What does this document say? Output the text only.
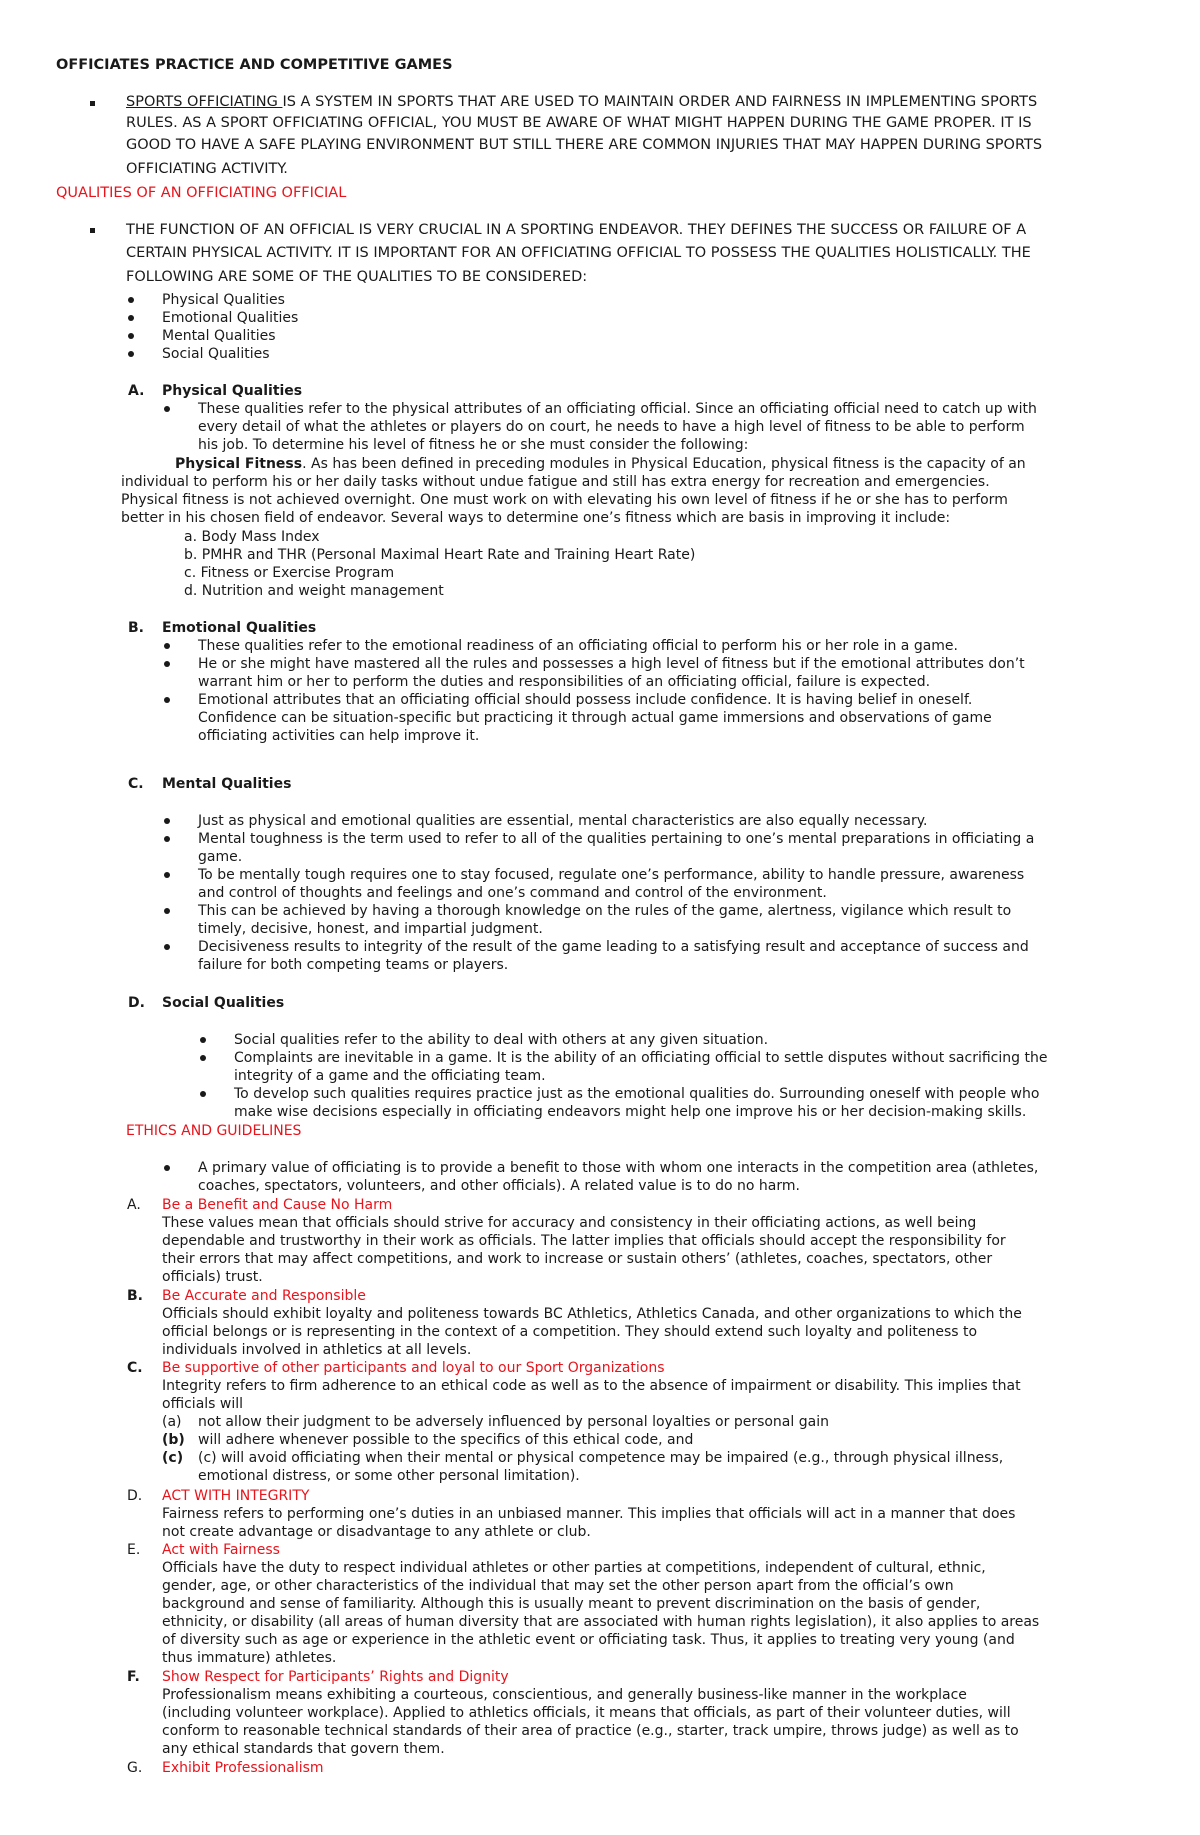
OFFICIATES PRACTICE AND COMPETITIVE GAMES
SPORTS OFFICIATING IS A SYSTEM IN SPORTS THAT ARE USED TO MAINTAIN ORDER AND FAIRNESS IN IMPLEMENTING SPORTS
RULES. AS A SPORT OFFICIATING OFFICIAL, YOU MUST BE AWARE OF WHAT MIGHT HAPPEN DURING THE GAME PROPER. IT IS
GOOD TO HAVE A SAFE PLAYING ENVIRONMENT BUT STILL THERE ARE COMMON INJURIES THAT MAY HAPPEN DURING SPORTS
OFFICIATING ACTIVITY.
QUALITIES OF AN OFFICIATING OFFICIAL
THE FUNCTION OF AN OFFICIAL IS VERY CRUCIAL IN A SPORTING ENDEAVOR. THEY DEFINES THE SUCCESS OR FAILURE OF A
CERTAIN PHYSICAL ACTIVITY. IT IS IMPORTANT FOR AN OFFICIATING OFFICIAL TO POSSESS THE QUALITIES HOLISTICALLY. THE
FOLLOWING ARE SOME OF THE QUALITIES TO BE CONSIDERED:
Physical Qualities
Emotional Qualities
Mental Qualities
Social Qualities
A. Physical Qualities
These qualities refer to the physical attributes of an officiating official. Since an officiating official need to catch up with
every detail of what the athletes or players do on court, he needs to have a high level of fitness to be able to perform
his job. To determine his level of fitness he or she must consider the following:
Physical Fitness. As has been defined in preceding modules in Physical Education, physical fitness is the capacity of an
individual to perform his or her daily tasks without undue fatigue and still has extra energy for recreation and emergencies.
Physical fitness is not achieved overnight. One must work on with elevating his own level of fitness if he or she has to perform
better in his chosen field of endeavor. Several ways to determine one’s fitness which are basis in improving it include:
a. Body Mass Index
b. PMHR and THR (Personal Maximal Heart Rate and Training Heart Rate)
c. Fitness or Exercise Program
d. Nutrition and weight management
B. Emotional Qualities
These qualities refer to the emotional readiness of an officiating official to perform his or her role in a game.
He or she might have mastered all the rules and possesses a high level of fitness but if the emotional attributes don’t
warrant him or her to perform the duties and responsibilities of an officiating official, failure is expected.
Emotional attributes that an officiating official should possess include confidence. It is having belief in oneself.
Confidence can be situation-specific but practicing it through actual game immersions and observations of game
officiating activities can help improve it.
C. Mental Qualities
Just as physical and emotional qualities are essential, mental characteristics are also equally necessary.
Mental toughness is the term used to refer to all of the qualities pertaining to one’s mental preparations in officiating a
game.
To be mentally tough requires one to stay focused, regulate one’s performance, ability to handle pressure, awareness
and control of thoughts and feelings and one’s command and control of the environment.
This can be achieved by having a thorough knowledge on the rules of the game, alertness, vigilance which result to
timely, decisive, honest, and impartial judgment.
Decisiveness results to integrity of the result of the game leading to a satisfying result and acceptance of success and
failure for both competing teams or players.
D. Social Qualities
Social qualities refer to the ability to deal with others at any given situation.
Complaints are inevitable in a game. It is the ability of an officiating official to settle disputes without sacrificing the
integrity of a game and the officiating team.
To develop such qualities requires practice just as the emotional qualities do. Surrounding oneself with people who
make wise decisions especially in officiating endeavors might help one improve his or her decision-making skills.
ETHICS AND GUIDELINES
A primary value of officiating is to provide a benefit to those with whom one interacts in the competition area (athletes,
coaches, spectators, volunteers, and other officials). A related value is to do no harm.
A. Be a Benefit and Cause No Harm
These values mean that officials should strive for accuracy and consistency in their officiating actions, as well being
dependable and trustworthy in their work as officials. The latter implies that officials should accept the responsibility for
their errors that may affect competitions, and work to increase or sustain others’ (athletes, coaches, spectators, other
officials) trust.
B. Be Accurate and Responsible
Officials should exhibit loyalty and politeness towards BC Athletics, Athletics Canada, and other organizations to which the
official belongs or is representing in the context of a competition. They should extend such loyalty and politeness to
individuals involved in athletics at all levels.
C. Be supportive of other participants and loyal to our Sport Organizations
Integrity refers to firm adherence to an ethical code as well as to the absence of impairment or disability. This implies that
officials will
(a) not allow their judgment to be adversely influenced by personal loyalties or personal gain
(b) will adhere whenever possible to the specifics of this ethical code, and
(c) (c) will avoid officiating when their mental or physical competence may be impaired (e.g., through physical illness,
emotional distress, or some other personal limitation).
D. ACT WITH INTEGRITY
Fairness refers to performing one’s duties in an unbiased manner. This implies that officials will act in a manner that does
not create advantage or disadvantage to any athlete or club.
E. Act with Fairness
Officials have the duty to respect individual athletes or other parties at competitions, independent of cultural, ethnic,
gender, age, or other characteristics of the individual that may set the other person apart from the official’s own
background and sense of familiarity. Although this is usually meant to prevent discrimination on the basis of gender,
ethnicity, or disability (all areas of human diversity that are associated with human rights legislation), it also applies to areas
of diversity such as age or experience in the athletic event or officiating task. Thus, it applies to treating very young (and
thus immature) athletes.
F. Show Respect for Participants’ Rights and Dignity
Professionalism means exhibiting a courteous, conscientious, and generally business-like manner in the workplace
(including volunteer workplace). Applied to athletics officials, it means that officials, as part of their volunteer duties, will
conform to reasonable technical standards of their area of practice (e.g., starter, track umpire, throws judge) as well as to
any ethical standards that govern them.
G. Exhibit Professionalism
